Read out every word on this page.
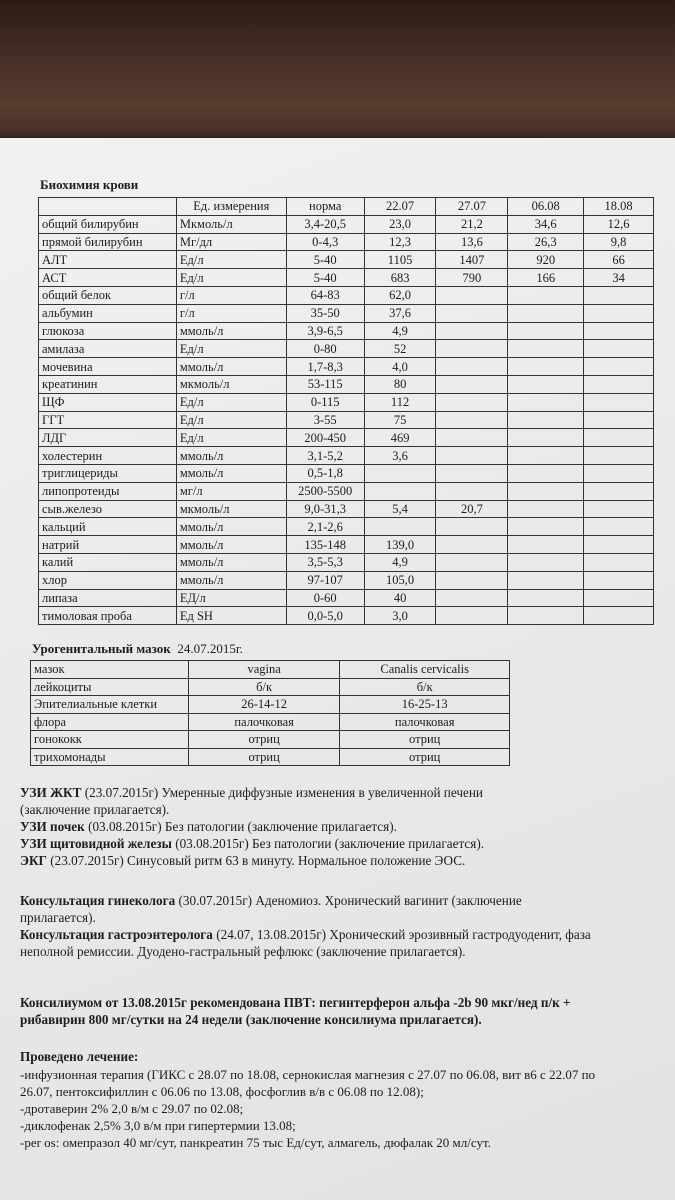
Биохимия крови
	Ед. измерения	норма	22.07	27.07	06.08	18.08
общий билирубин	Мкмоль/л	3,4-20,5	23,0	21,2	34,6	12,6
прямой билирубин	Мг/дл	0-4,3	12,3	13,6	26,3	9,8
АЛТ	Ед/л	5-40	1105	1407	920	66
АСТ	Ед/л	5-40	683	790	166	34
общий белок	г/л	64-83	62,0			
альбумин	г/л	35-50	37,6			
глюкоза	ммоль/л	3,9-6,5	4,9			
амилаза	Ед/л	0-80	52			
мочевина	ммоль/л	1,7-8,3	4,0			
креатинин	мкмоль/л	53-115	80			
ЩФ	Ед/л	0-115	112			
ГГТ	Ед/л	3-55	75			
ЛДГ	Ед/л	200-450	469			
холестерин	ммоль/л	3,1-5,2	3,6			
триглицериды	ммоль/л	0,5-1,8				
липопротеиды	мг/л	2500-5500				
сыв.железо	мкмоль/л	9,0-31,3	5,4	20,7		
кальций	ммоль/л	2,1-2,6				
натрий	ммоль/л	135-148	139,0			
калий	ммоль/л	3,5-5,3	4,9			
хлор	ммоль/л	97-107	105,0			
липаза	ЕД/л	0-60	40			
тимоловая проба	Ед SH	0,0-5,0	3,0			
Урогенитальный мазок 24.07.2015г.
мазок	vagina	Canalis cervicalis
лейкоциты	б/к	б/к
Эпителиальные клетки	26-14-12	16-25-13
флора	палочковая	палочковая
гонококк	отриц	отриц
трихомонады	отриц	отриц
УЗИ ЖКТ (23.07.2015г) Умеренные диффузные изменения в увеличенной печени (заключение прилагается).
УЗИ почек (03.08.2015г) Без патологии (заключение прилагается).
УЗИ щитовидной железы (03.08.2015г) Без патологии (заключение прилагается).
ЭКГ (23.07.2015г) Синусовый ритм 63 в минуту. Нормальное положение ЭОС.
Консультация гинеколога (30.07.2015г) Аденомиоз. Хронический вагинит (заключение прилагается).
Консультация гастроэнтеролога (24.07, 13.08.2015г) Хронический эрозивный гастродуоденит, фаза неполной ремиссии. Дуодено-гастральный рефлюкс (заключение прилагается).
Консилиумом от 13.08.2015г рекомендована ПВТ: пегинтерферон альфа -2b 90 мкг/нед п/к + рибавирин 800 мг/сутки на 24 недели (заключение консилиума прилагается).
Проведено лечение:
-инфузионная терапия (ГИКС с 28.07 по 18.08, сернокислая магнезия с 27.07 по 06.08, вит в6 с 22.07 по 26.07, пентоксифиллин с 06.06 по 13.08, фосфоглив в/в с 06.08 по 12.08);
-дротаверин 2% 2,0 в/м с 29.07 по 02.08;
-диклофенак 2,5% 3,0 в/м при гипертермии 13.08;
-per os: омепразол 40 мг/сут, панкреатин 75 тыс Ед/сут, алмагель, дюфалак 20 мл/сут.
